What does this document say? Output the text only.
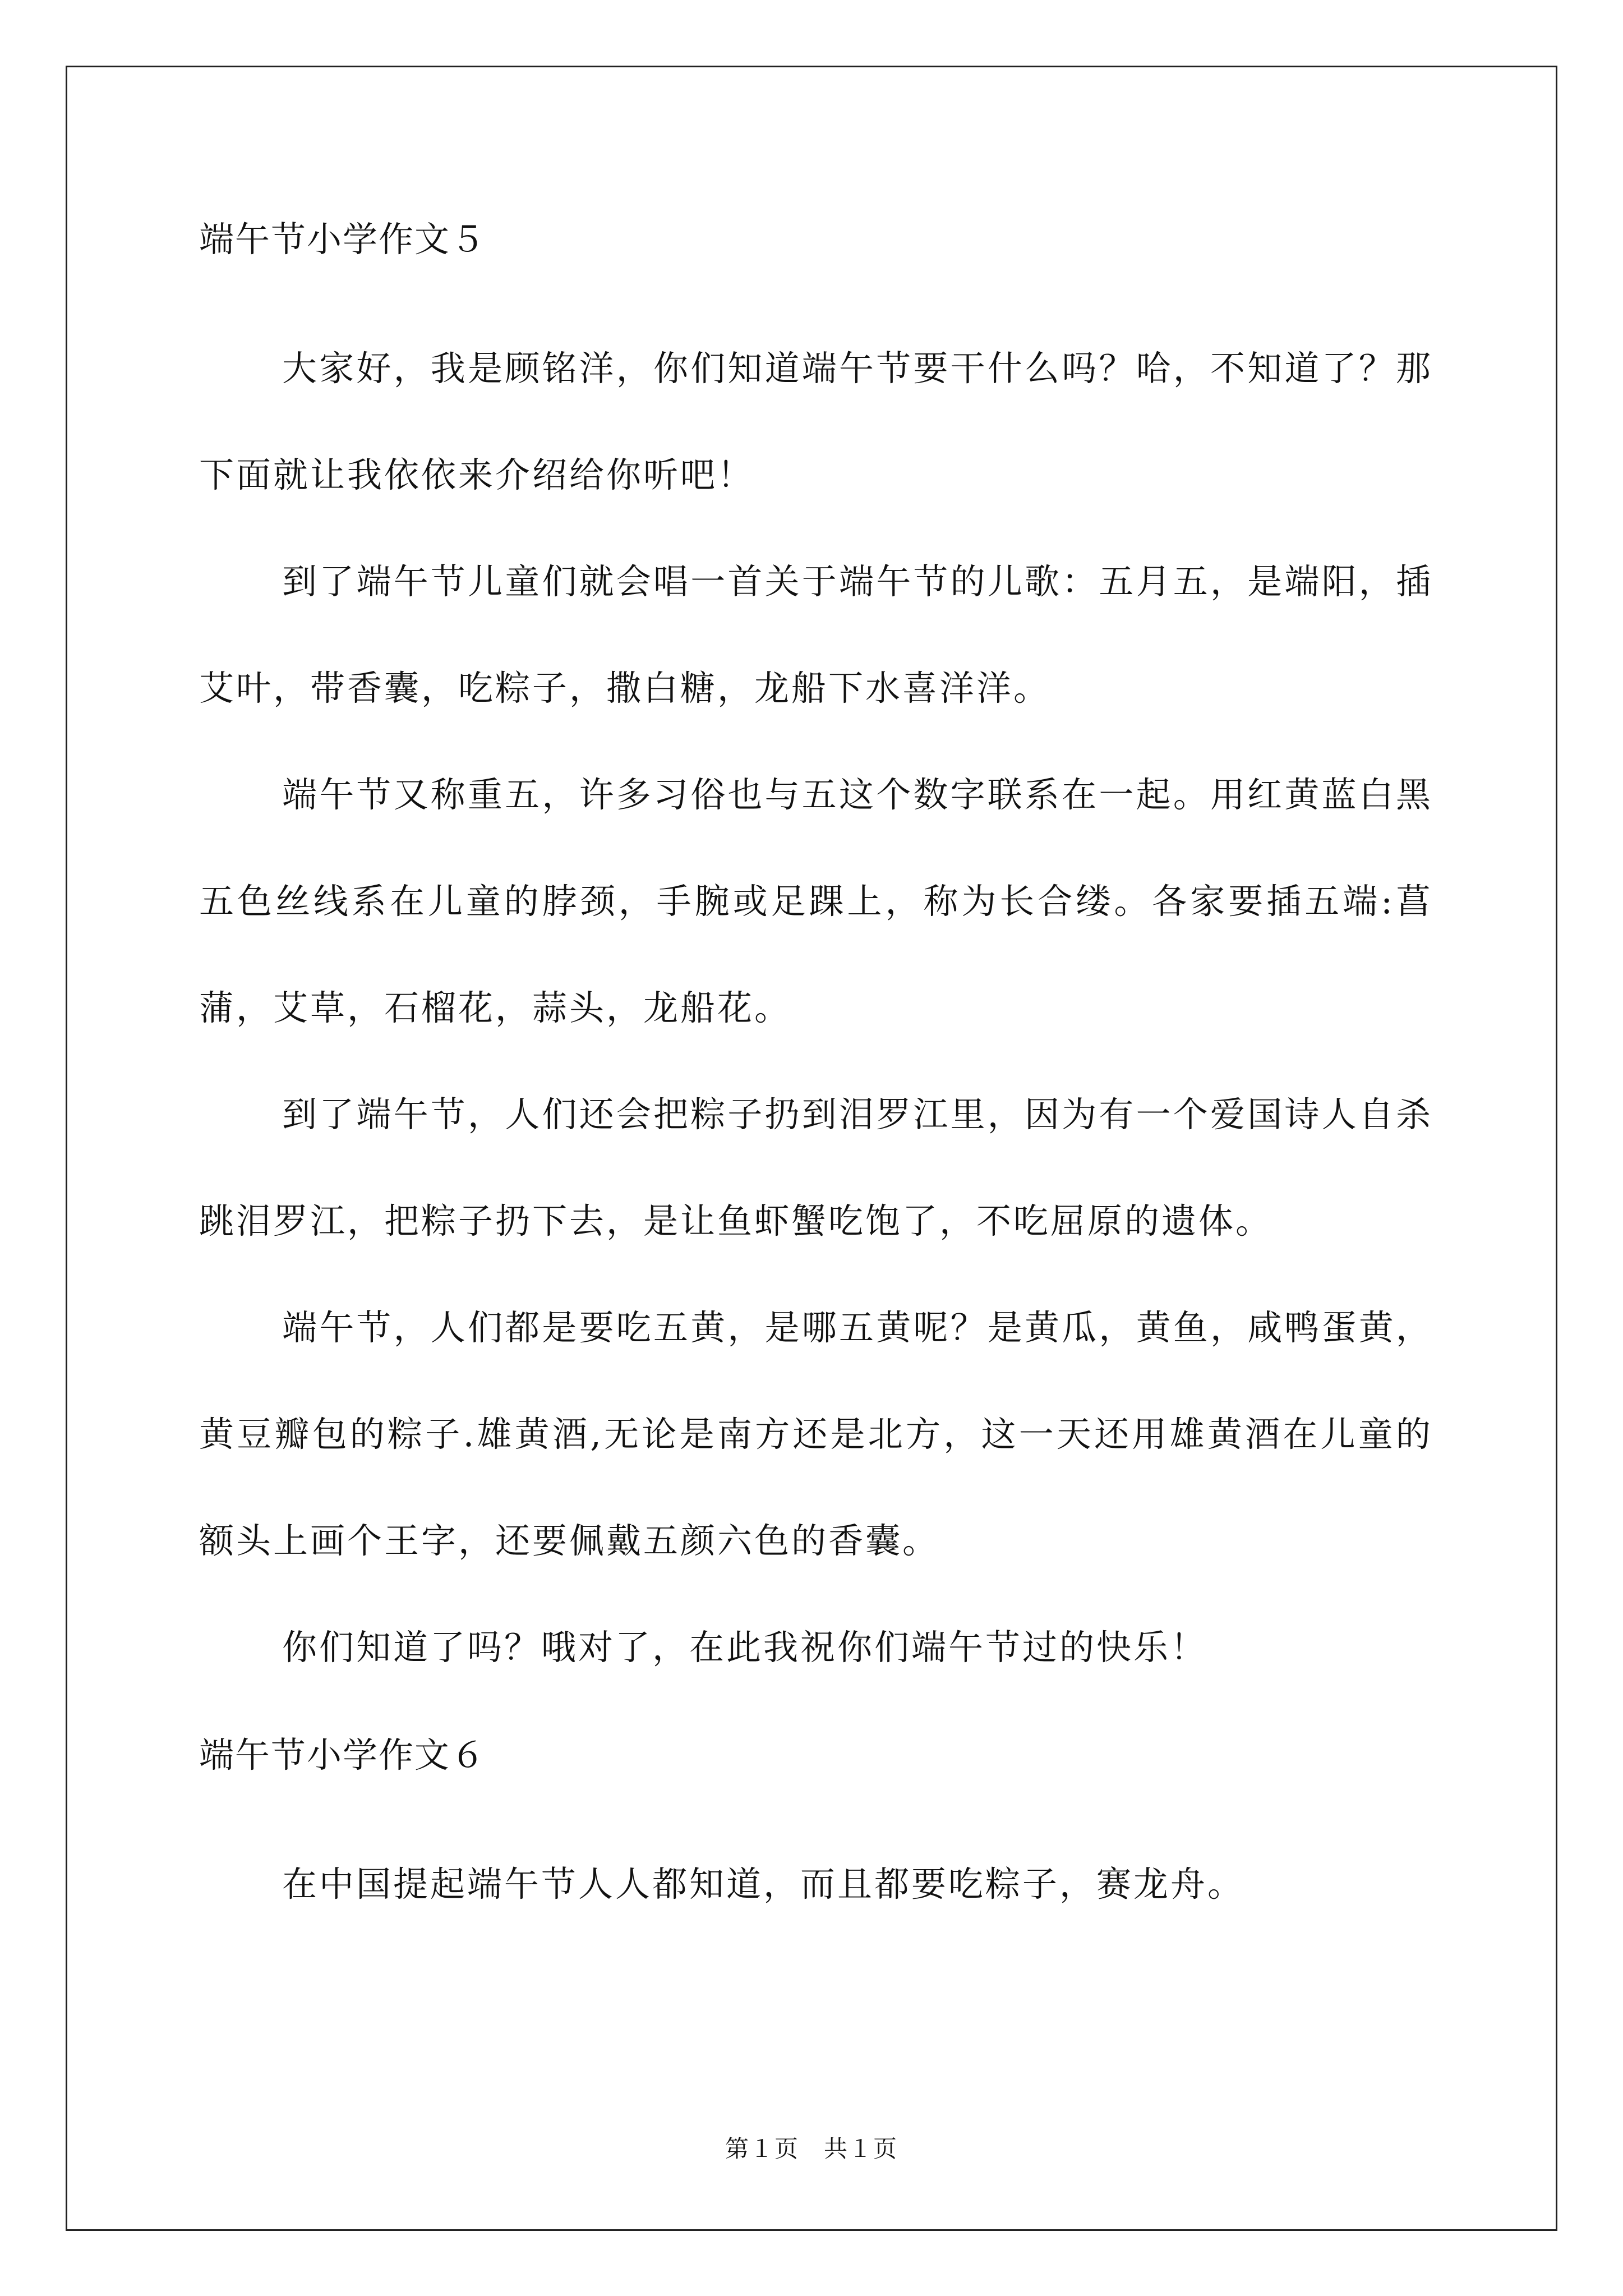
端午节小学作文５

大家好，我是顾铭洋，你们知道端午节要干什么吗？哈，不知道了？那下面就让我依依来介绍给你听吧！

到了端午节儿童们就会唱一首关于端午节的儿歌：五月五，是端阳，插艾叶，带香囊，吃粽子，撒白糖，龙船下水喜洋洋。

端午节又称重五，许多习俗也与五这个数字联系在一起。用红黄蓝白黑五色丝线系在儿童的脖颈，手腕或足踝上，称为长合缕。各家要插五端:菖蒲，艾草，石榴花，蒜头，龙船花。

到了端午节，人们还会把粽子扔到泪罗江里，因为有一个爱国诗人自杀跳泪罗江，把粽子扔下去，是让鱼虾蟹吃饱了，不吃屈原的遗体。

端午节，人们都是要吃五黄，是哪五黄呢？是黄瓜，黄鱼，咸鸭蛋黄，黄豆瓣包的粽子.雄黄酒,无论是南方还是北方，这一天还用雄黄酒在儿童的额头上画个王字，还要佩戴五颜六色的香囊。

你们知道了吗？哦对了，在此我祝你们端午节过的快乐！

端午节小学作文６

在中国提起端午节人人都知道，而且都要吃粽子，赛龙舟。

第１页　共１页
